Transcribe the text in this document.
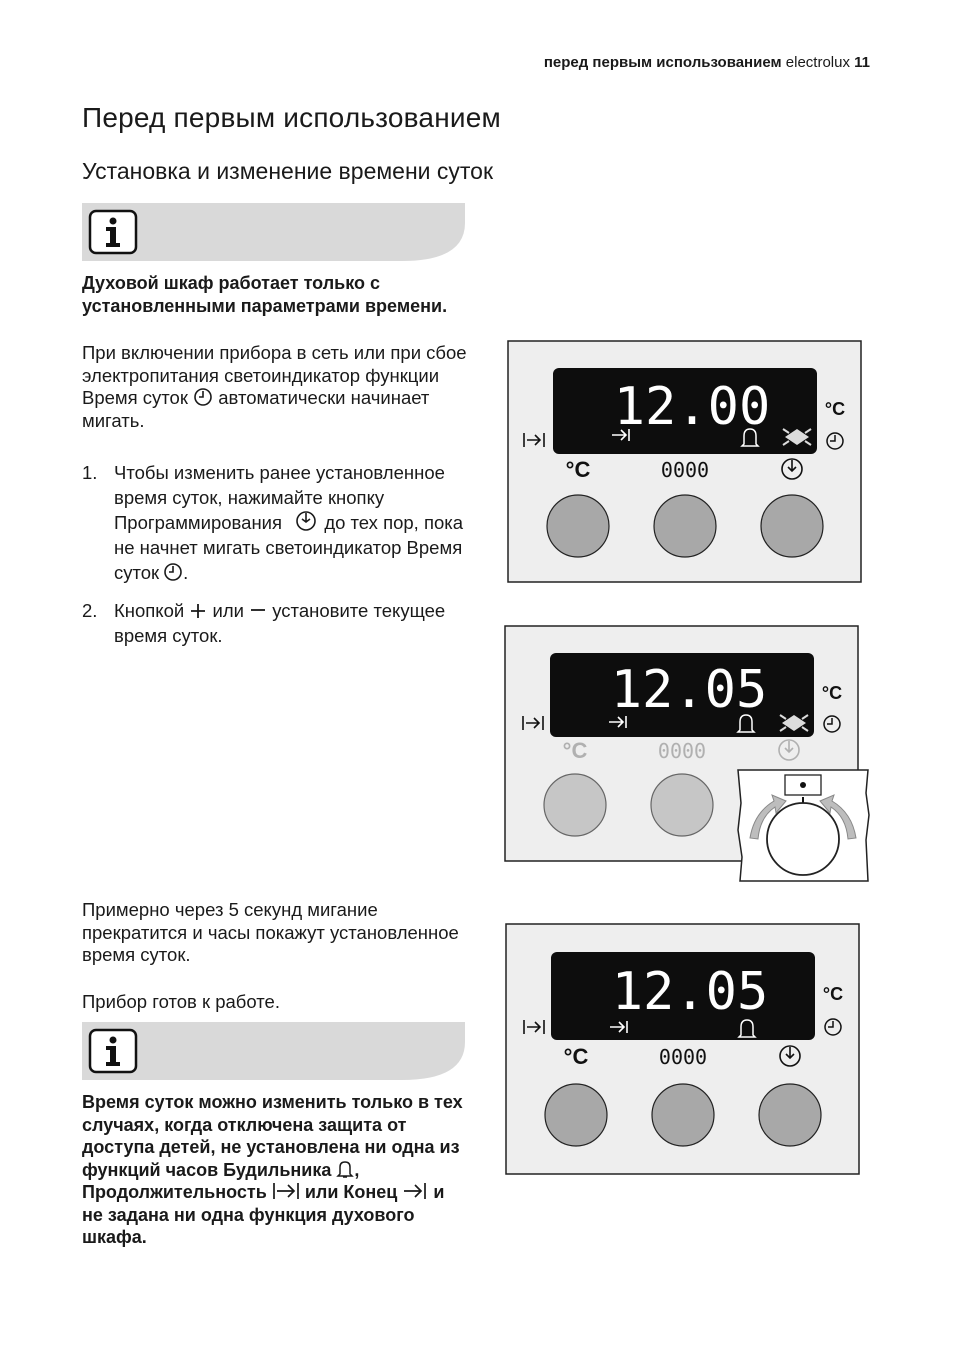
перед первым использованием electrolux 11
Перед первым использованием
Установка и изменение времени суток
Духовой шкаф работает только с установленными параметрами времени.
При включении прибора в сеть или при сбое электропитания светоиндикатор функции Время суток автоматически начинает мигать.
1. Чтобы изменить ранее установленное время суток, нажимайте кнопку Программирования до тех пор, пока не начнет мигать светоиндикатор Время суток .
2. Кнопкой или установите текущее время суток.
Примерно через 5 секунд мигание прекратится и часы покажут установленное время суток.
Прибор готов к работе.
Время суток можно изменить только в тех случаях, когда отключена защита от доступа детей, не установлена ни одна из функций часов Будильника , Продолжительность или Конец и не задана ни одна функция духового шкафа.
12.00	°C
°C	0000
12.05	°C
°C	0000
12.05	°C
°C	0000
